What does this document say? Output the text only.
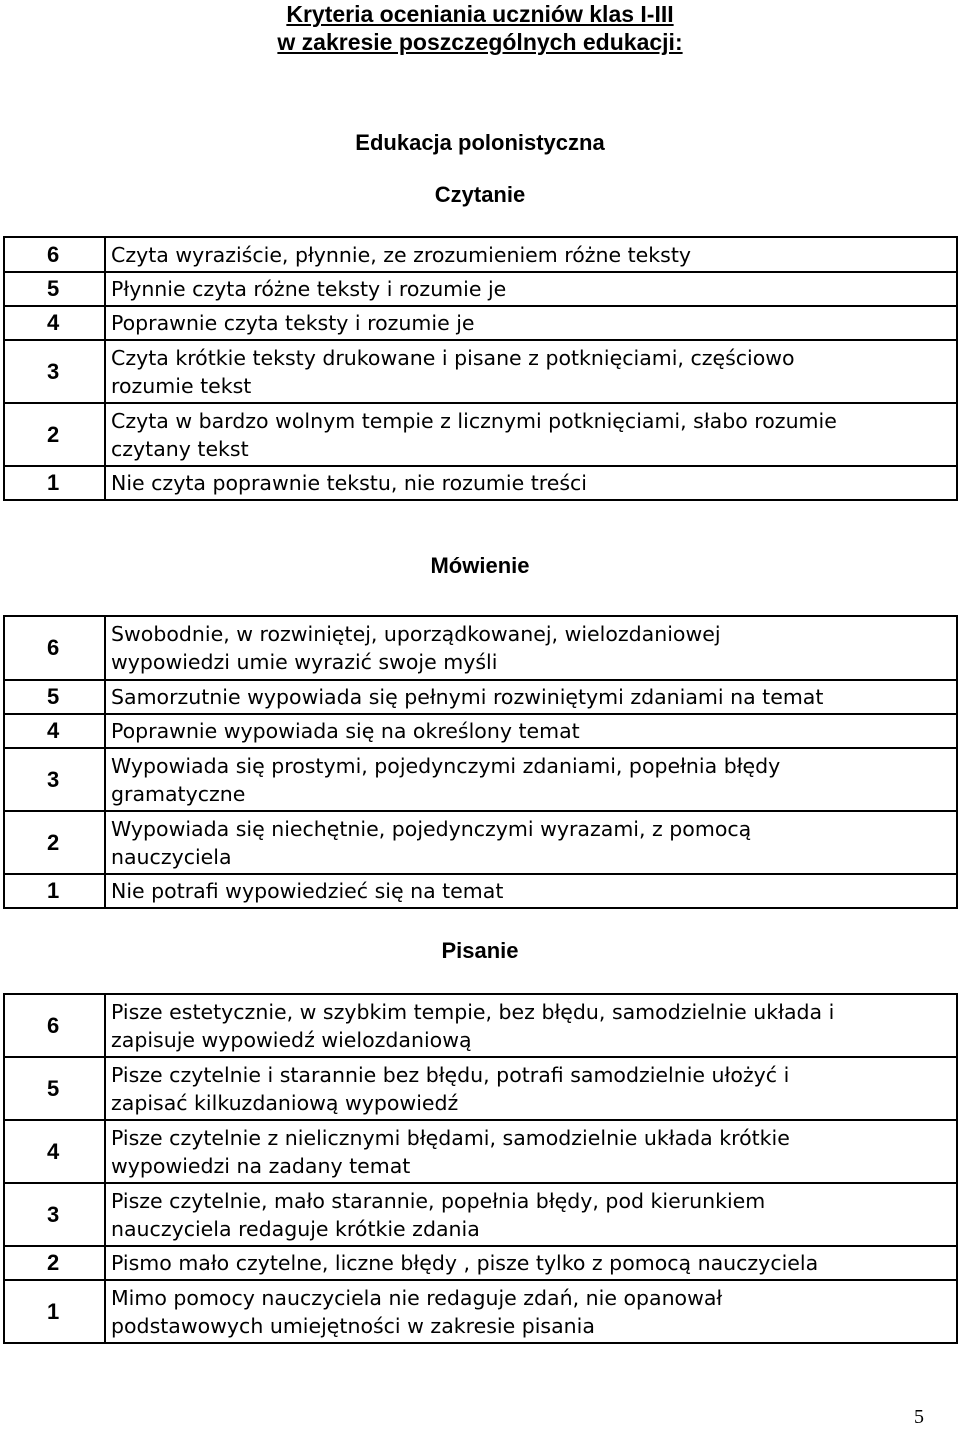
Kryteria oceniania uczniów klas I-III
w zakresie poszczególnych edukacji:
Edukacja polonistyczna
Czytanie
6	Czyta wyraziście, płynnie, ze zrozumieniem różne teksty

5	Płynnie czyta różne teksty i rozumie je

4	Poprawnie czyta teksty i rozumie je

3	Czyta krótkie teksty drukowane i pisane z potknięciami, częściowo
rozumie tekst

2	Czyta w bardzo wolnym tempie z licznymi potknięciami, słabo rozumie
czytany tekst

1	Nie czyta poprawnie tekstu, nie rozumie treści
Mówienie
6	Swobodnie, w rozwiniętej, uporządkowanej, wielozdaniowej
wypowiedzi umie wyrazić swoje myśli

5	Samorzutnie wypowiada się pełnymi rozwiniętymi zdaniami na temat

4	Poprawnie wypowiada się na określony temat

3	Wypowiada się prostymi, pojedynczymi zdaniami, popełnia błędy
gramatyczne

2	Wypowiada się niechętnie, pojedynczymi wyrazami, z pomocą
nauczyciela

1	Nie potrafi wypowiedzieć się na temat
Pisanie
6	Pisze estetycznie, w szybkim tempie, bez błędu, samodzielnie układa i
zapisuje wypowiedź wielozdaniową

5	Pisze czytelnie i starannie bez błędu, potrafi samodzielnie ułożyć i
zapisać kilkuzdaniową wypowiedź

4	Pisze czytelnie z nielicznymi błędami, samodzielnie układa krótkie
wypowiedzi na zadany temat

3	Pisze czytelnie, mało starannie, popełnia błędy, pod kierunkiem
nauczyciela redaguje krótkie zdania

2	Pismo mało czytelne, liczne błędy , pisze tylko z pomocą nauczyciela

1	Mimo pomocy nauczyciela nie redaguje zdań, nie opanował
podstawowych umiejętności w zakresie pisania
5
